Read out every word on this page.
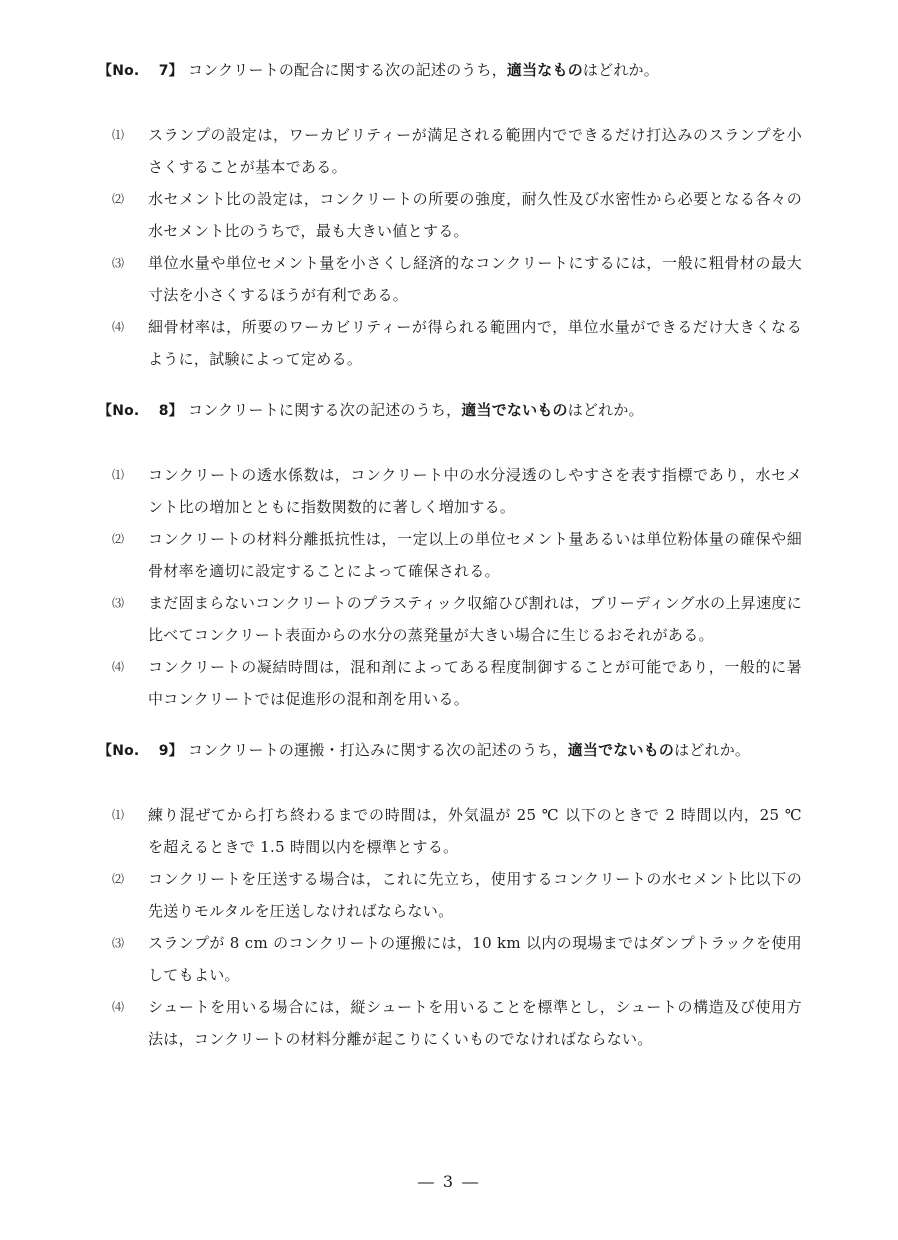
【No.　 7】 コンクリートの配合に関する次の記述のうち，適当なものはどれか。
⑴ スランプの設定は，ワーカビリティーが満足される範囲内でできるだけ打込みのスランプを小さくすることが基本である。
⑵ 水セメント比の設定は，コンクリートの所要の強度，耐久性及び水密性から必要となる各々の水セメント比のうちで，最も大きい値とする。
⑶ 単位水量や単位セメント量を小さくし経済的なコンクリートにするには，一般に粗骨材の最大寸法を小さくするほうが有利である。
⑷ 細骨材率は，所要のワーカビリティーが得られる範囲内で，単位水量ができるだけ大きくなるように，試験によって定める。
【No.　 8】 コンクリートに関する次の記述のうち，適当でないものはどれか。
⑴ コンクリートの透水係数は，コンクリート中の水分浸透のしやすさを表す指標であり，水セメント比の増加とともに指数関数的に著しく増加する。
⑵ コンクリートの材料分離抵抗性は，一定以上の単位セメント量あるいは単位粉体量の確保や細骨材率を適切に設定することによって確保される。
⑶ まだ固まらないコンクリートのプラスティック収縮ひび割れは，ブリーディング水の上昇速度に比べてコンクリート表面からの水分の蒸発量が大きい場合に生じるおそれがある。
⑷ コンクリートの凝結時間は，混和剤によってある程度制御することが可能であり，一般的に暑中コンクリートでは促進形の混和剤を用いる。
【No.　 9】 コンクリートの運搬・打込みに関する次の記述のうち，適当でないものはどれか。
⑴ 練り混ぜてから打ち終わるまでの時間は，外気温が 25 ℃ 以下のときで 2 時間以内，25 ℃ を超えるときで 1.5 時間以内を標準とする。
⑵ コンクリートを圧送する場合は，これに先立ち，使用するコンクリートの水セメント比以下の先送りモルタルを圧送しなければならない。
⑶ スランプが 8 cm のコンクリートの運搬には，10 km 以内の現場まではダンプトラックを使用してもよい。
⑷ シュートを用いる場合には，縦シュートを用いることを標準とし，シュートの構造及び使用方法は，コンクリートの材料分離が起こりにくいものでなければならない。
― 3 ―
